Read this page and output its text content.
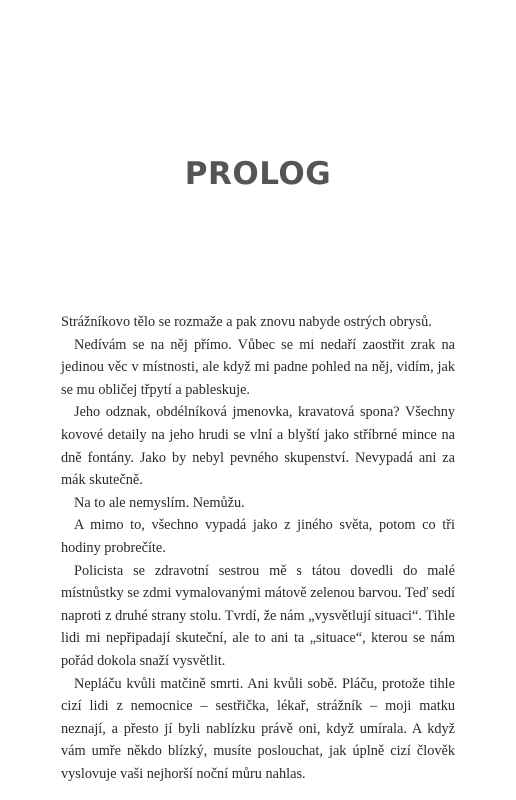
PROLOG

Strážníkovo tělo se rozmaže a pak znovu nabyde ostrých obrysů.

Nedívám se na něj přímo. Vůbec se mi nedaří zaostřit zrak na jedinou věc v místnosti, ale když mi padne pohled na něj, vidím, jak se mu obličej třpytí a pableskuje.

Jeho odznak, obdélníková jmenovka, kravatová spona? Všechny kovové detaily na jeho hrudi se vlní a blyští jako stříbrné mince na dně fontány. Jako by nebyl pevného skupenství. Nevypadá ani za mák skutečně.

Na to ale nemyslím. Nemůžu.

A mimo to, všechno vypadá jako z jiného světa, potom co tři hodiny probrečíte.

Policista se zdravotní sestrou mě s tátou dovedli do malé místnůstky se zdmi vymalovanými mátově zelenou barvou. Teď sedí naproti z druhé strany stolu. Tvrdí, že nám „vysvětlují situaci“. Tihle lidi mi nepřipadají skuteční, ale to ani ta „situace“, kterou se nám pořád dokola snaží vysvětlit.

Nepláču kvůli matčině smrti. Ani kvůli sobě. Pláču, protože tihle cizí lidi z nemocnice – sestřička, lékař, strážník – moji matku neznají, a přesto jí byli nablízku právě oni, když umírala. A když vám umře někdo blízký, musíte poslouchat, jak úplně cizí člověk vyslovuje vaši nejhorší noční můru nahlas.
